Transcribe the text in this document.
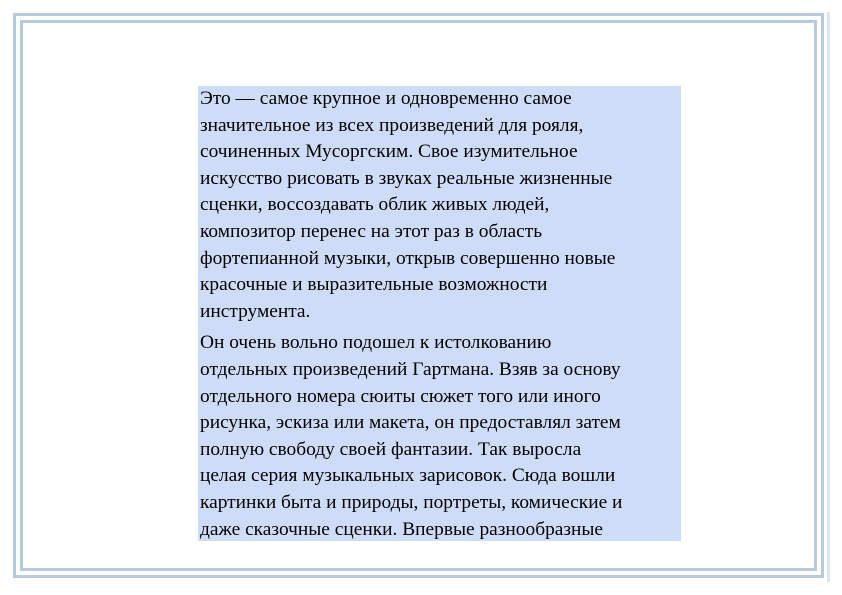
Это — самое крупное и одновременно самое
значительное из всех произведений для рояля,
сочиненных Мусоргским. Свое изумительное
искусство рисовать в звуках реальные жизненные
сценки, воссоздавать облик живых людей,
композитор перенес на этот раз в область
фортепианной музыки, открыв совершенно новые
красочные и выразительные возможности
инструмента.

Он очень вольно подошел к истолкованию
отдельных произведений Гартмана. Взяв за основу
отдельного номера сюиты сюжет того или иного
рисунка, эскиза или макета, он предоставлял затем
полную свободу своей фантазии. Так выросла
целая серия музыкальных зарисовок. Сюда вошли
картинки быта и природы, портреты, комические и
даже сказочные сценки. Впервые разнообразные
